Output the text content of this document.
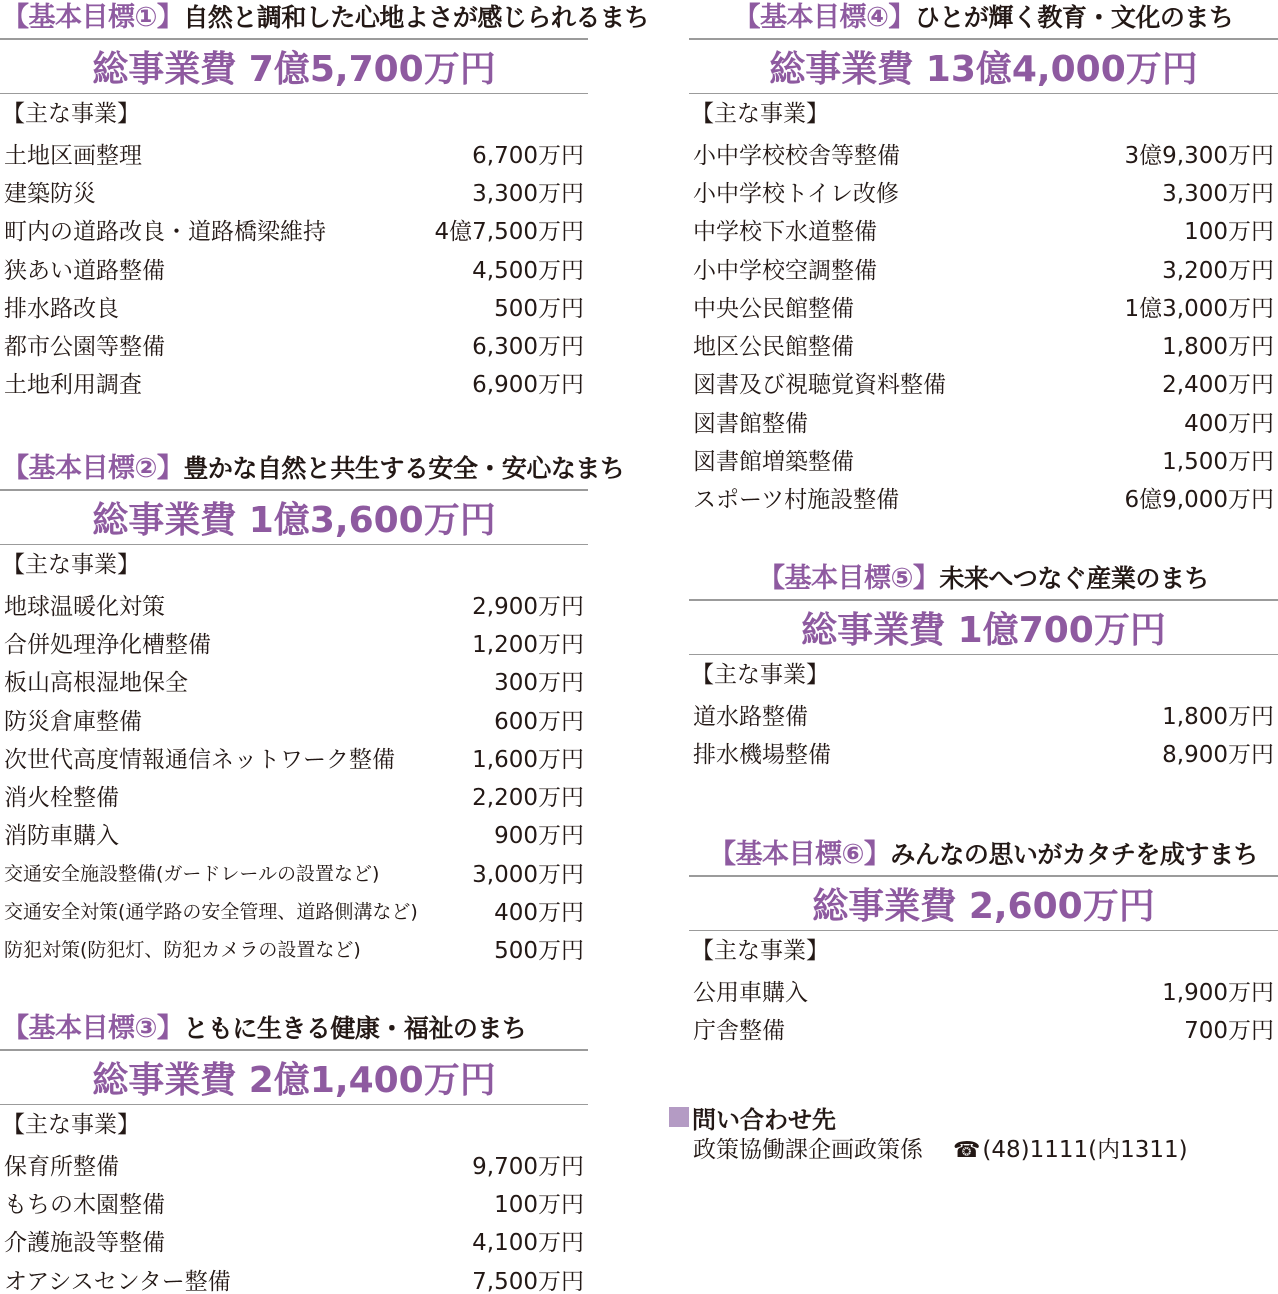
【基本目標①】自然と調和した心地よさが感じられるまち
総事業費 7億5,700万円
【主な事業】
土地区画整理	6,700万円
建築防災	3,300万円
町内の道路改良・道路橋梁維持	4億7,500万円
狭あい道路整備	4,500万円
排水路改良	500万円
都市公園等整備	6,300万円
土地利用調査	6,900万円
【基本目標②】豊かな自然と共生する安全・安心なまち
総事業費 1億3,600万円
【主な事業】
地球温暖化対策	2,900万円
合併処理浄化槽整備	1,200万円
板山高根湿地保全	300万円
防災倉庫整備	600万円
次世代高度情報通信ネットワーク整備	1,600万円
消火栓整備	2,200万円
消防車購入	900万円
交通安全施設整備(ガードレールの設置など)	3,000万円
交通安全対策(通学路の安全管理、道路側溝など)	400万円
防犯対策(防犯灯、防犯カメラの設置など)	500万円
【基本目標③】ともに生きる健康・福祉のまち
総事業費 2億1,400万円
【主な事業】
保育所整備	9,700万円
もちの木園整備	100万円
介護施設等整備	4,100万円
オアシスセンター整備	7,500万円
【基本目標④】ひとが輝く教育・文化のまち
総事業費 13億4,000万円
【主な事業】
小中学校校舎等整備	3億9,300万円
小中学校トイレ改修	3,300万円
中学校下水道整備	100万円
小中学校空調整備	3,200万円
中央公民館整備	1億3,000万円
地区公民館整備	1,800万円
図書及び視聴覚資料整備	2,400万円
図書館整備	400万円
図書館増築整備	1,500万円
スポーツ村施設整備	6億9,000万円
【基本目標⑤】未来へつなぐ産業のまち
総事業費 1億700万円
【主な事業】
道水路整備	1,800万円
排水機場整備	8,900万円
【基本目標⑥】みんなの思いがカタチを成すまち
総事業費 2,600万円
【主な事業】
公用車購入	1,900万円
庁舎整備	700万円
問い合わせ先
政策協働課企画政策係 ☎(48)1111(内1311)
